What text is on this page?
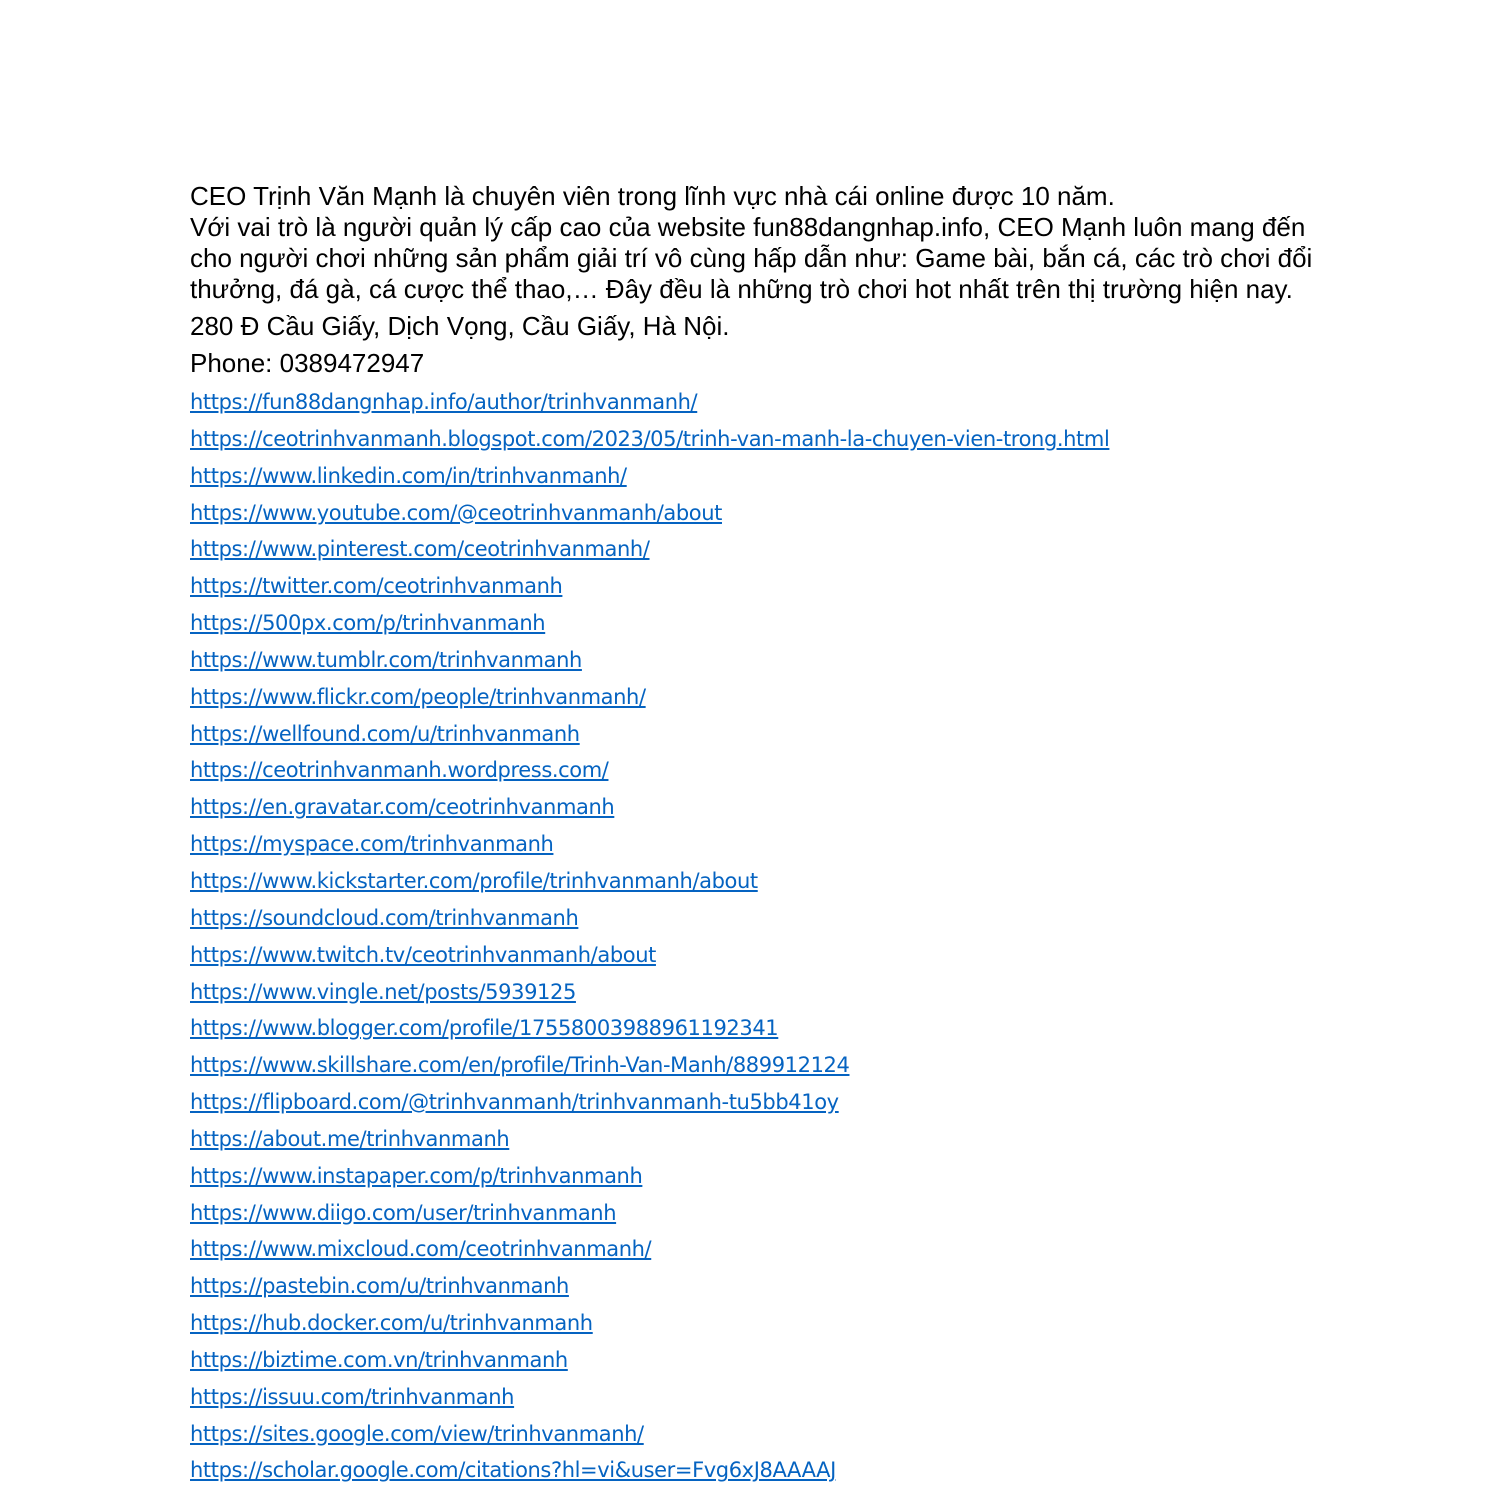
CEO Trịnh Văn Mạnh là chuyên viên trong lĩnh vực nhà cái online được 10 năm.

Với vai trò là người quản lý cấp cao của website fun88dangnhap.info, CEO Mạnh luôn mang đến cho người chơi những sản phẩm giải trí vô cùng hấp dẫn như: Game bài, bắn cá, các trò chơi đổi thưởng, đá gà, cá cược thể thao,… Đây đều là những trò chơi hot nhất trên thị trường hiện nay.

280 Đ Cầu Giấy, Dịch Vọng, Cầu Giấy, Hà Nội.

Phone: 0389472947

https://fun88dangnhap.info/author/trinhvanmanh/
https://ceotrinhvanmanh.blogspot.com/2023/05/trinh-van-manh-la-chuyen-vien-trong.html
https://www.linkedin.com/in/trinhvanmanh/
https://www.youtube.com/@ceotrinhvanmanh/about
https://www.pinterest.com/ceotrinhvanmanh/
https://twitter.com/ceotrinhvanmanh
https://500px.com/p/trinhvanmanh
https://www.tumblr.com/trinhvanmanh
https://www.flickr.com/people/trinhvanmanh/
https://wellfound.com/u/trinhvanmanh
https://ceotrinhvanmanh.wordpress.com/
https://en.gravatar.com/ceotrinhvanmanh
https://myspace.com/trinhvanmanh
https://www.kickstarter.com/profile/trinhvanmanh/about
https://soundcloud.com/trinhvanmanh
https://www.twitch.tv/ceotrinhvanmanh/about
https://www.vingle.net/posts/5939125
https://www.blogger.com/profile/17558003988961192341
https://www.skillshare.com/en/profile/Trinh-Van-Manh/889912124
https://flipboard.com/@trinhvanmanh/trinhvanmanh-tu5bb41oy
https://about.me/trinhvanmanh
https://www.instapaper.com/p/trinhvanmanh
https://www.diigo.com/user/trinhvanmanh
https://www.mixcloud.com/ceotrinhvanmanh/
https://pastebin.com/u/trinhvanmanh
https://hub.docker.com/u/trinhvanmanh
https://biztime.com.vn/trinhvanmanh
https://issuu.com/trinhvanmanh
https://sites.google.com/view/trinhvanmanh/
https://scholar.google.com/citations?hl=vi&user=Fvg6xJ8AAAAJ
